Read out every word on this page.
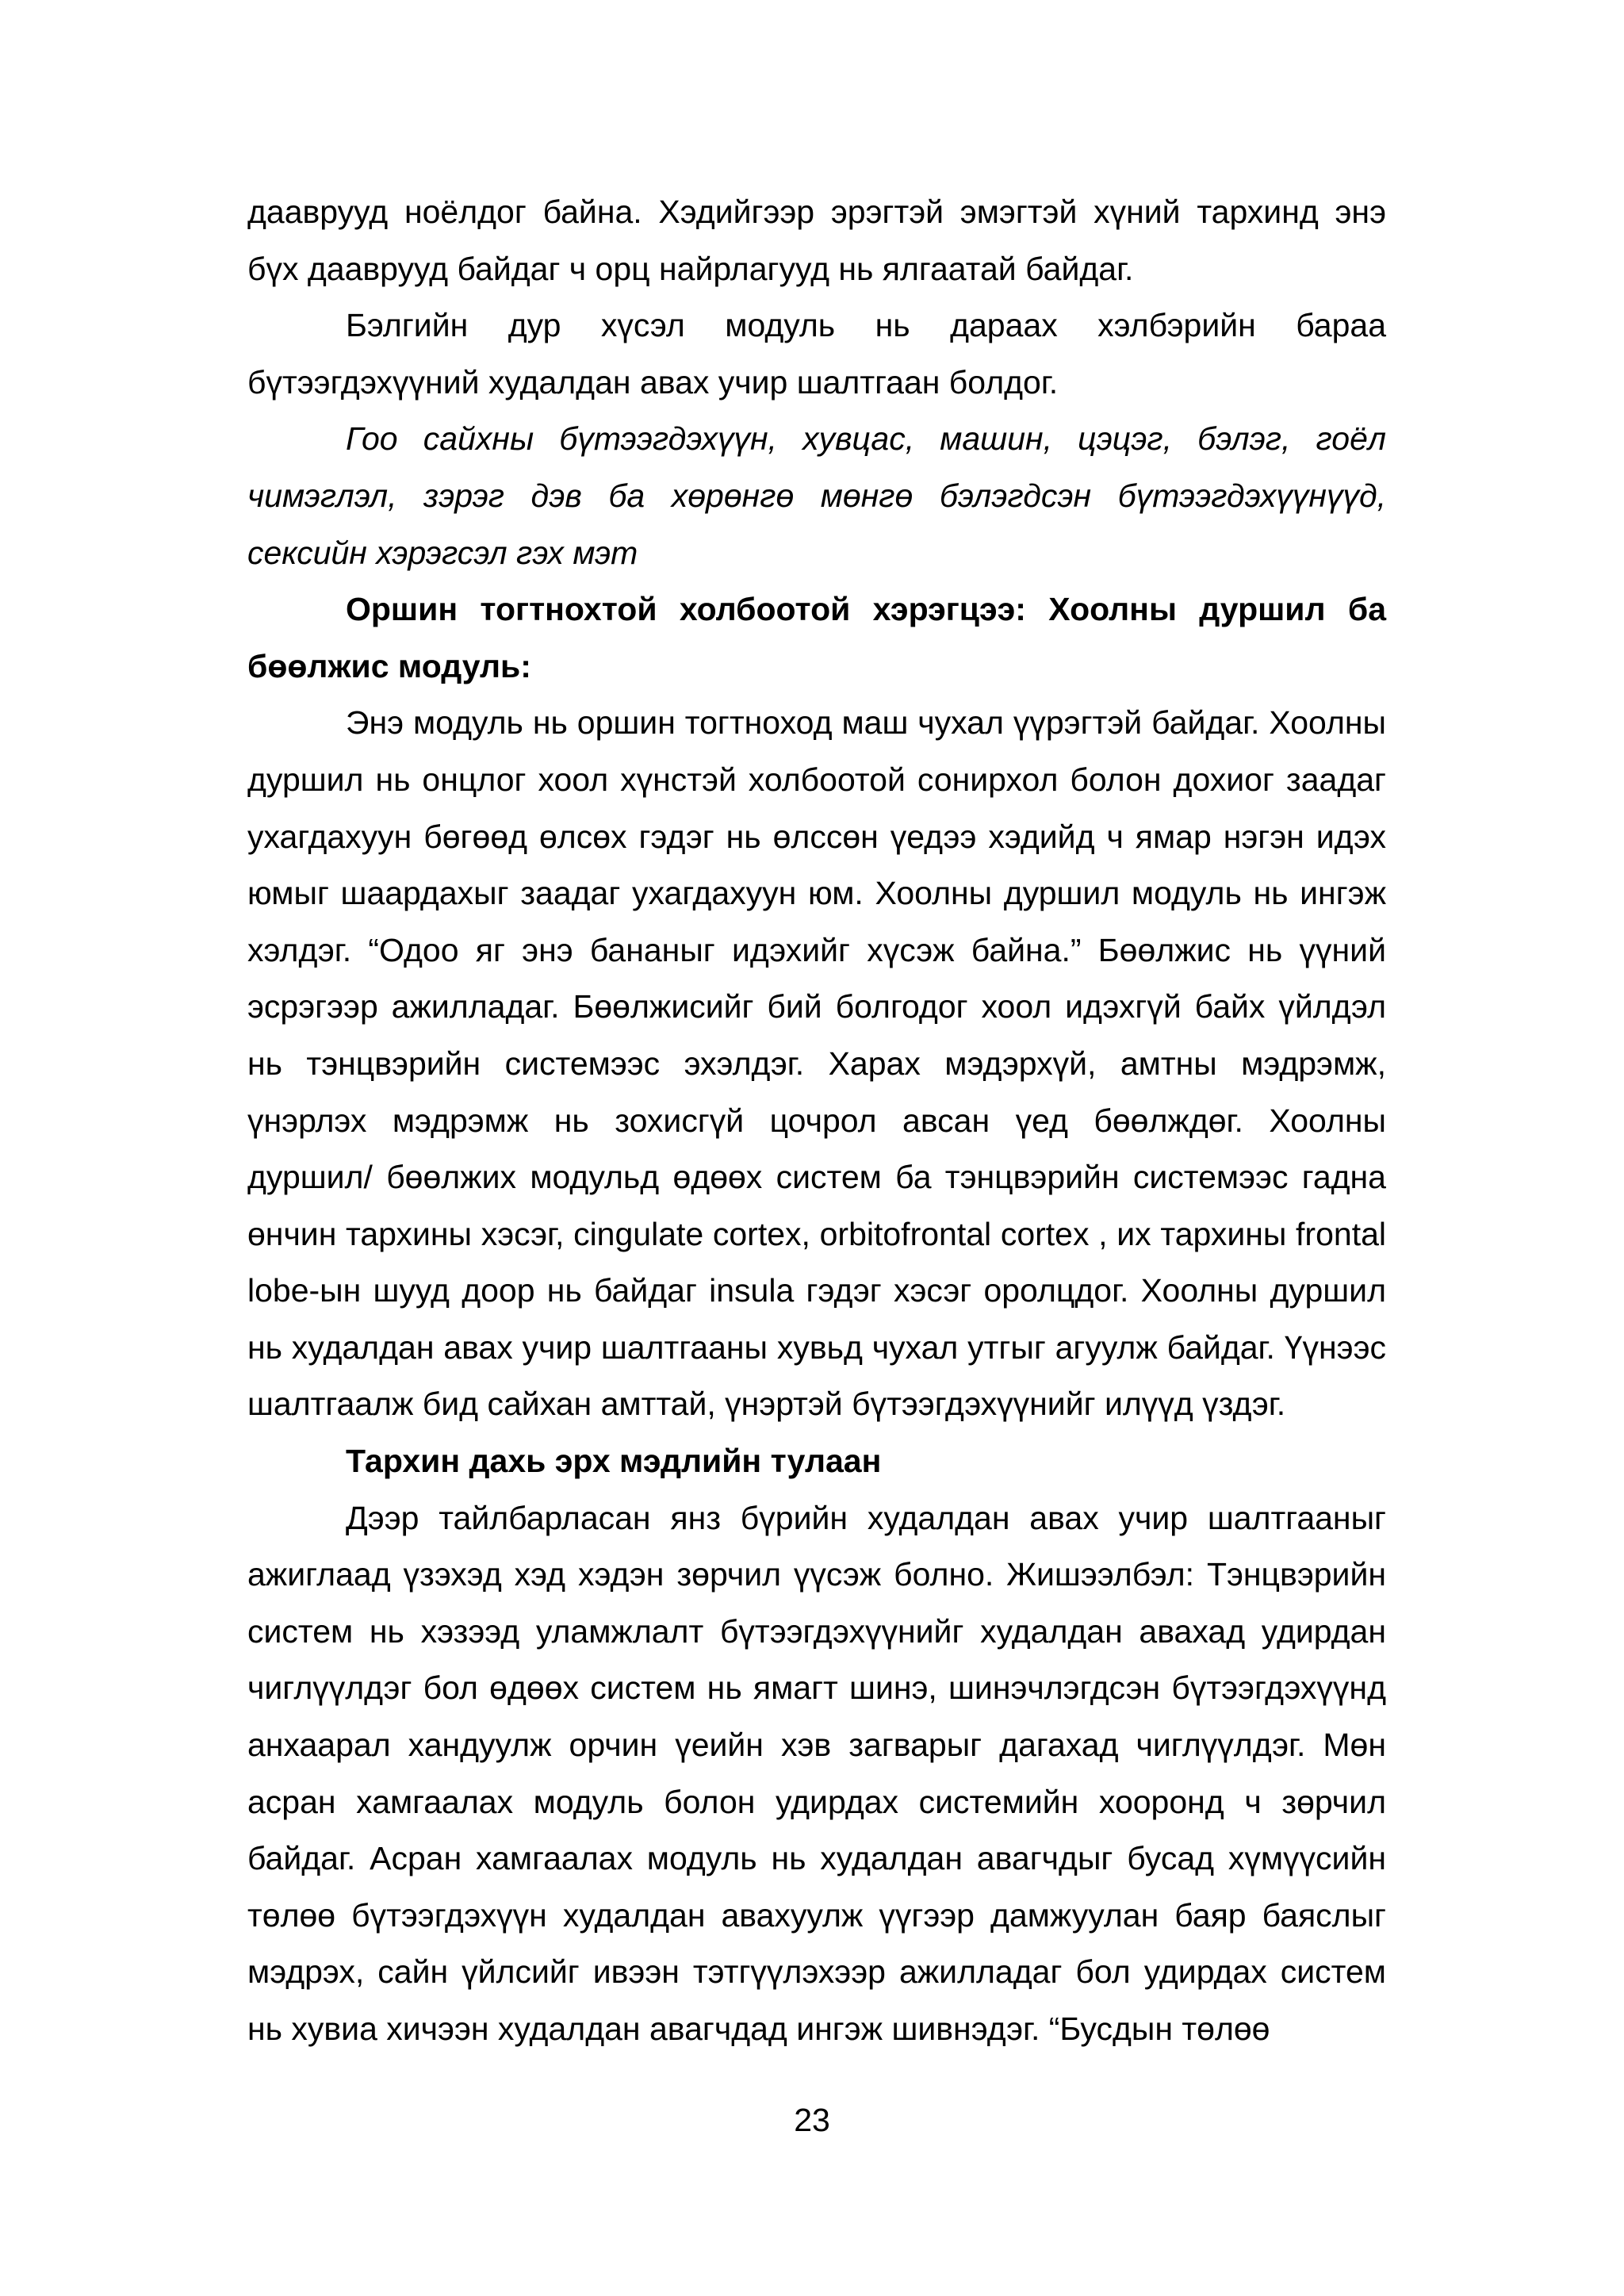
дааврууд ноёлдог байна. Хэдийгээр эрэгтэй эмэгтэй хүний тархинд энэ бүх дааврууд байдаг ч орц найрлагууд нь ялгаатай байдаг.

Бэлгийн дур хүсэл модуль нь дараах хэлбэрийн бараа бүтээгдэхүүний худалдан авах учир шалтгаан болдог.

Гоо сайхны бүтээгдэхүүн, хувцас, машин, цэцэг, бэлэг, гоёл чимэглэл, зэрэг дэв ба хөрөнгө мөнгө бэлэгдсэн бүтээгдэхүүнүүд, сексийн хэрэгсэл гэх мэт

Оршин тогтнохтой холбоотой хэрэгцээ: Хоолны дуршил ба бөөлжис модуль:

Энэ модуль нь оршин тогтноход маш чухал үүрэгтэй байдаг. Хоолны дуршил нь онцлог хоол хүнстэй холбоотой сонирхол болон дохиог заадаг ухагдахуун бөгөөд өлсөх гэдэг нь өлссөн үедээ хэдийд ч ямар нэгэн идэх юмыг шаардахыг заадаг ухагдахуун юм. Хоолны дуршил модуль нь ингэж хэлдэг. “Одоо яг энэ бананыг идэхийг хүсэж байна.” Бөөлжис нь үүний эсрэгээр ажилладаг. Бөөлжисийг бий болгодог хоол идэхгүй байх үйлдэл нь тэнцвэрийн системээс эхэлдэг. Харах мэдэрхүй, амтны мэдрэмж, үнэрлэх мэдрэмж нь зохисгүй цочрол авсан үед бөөлждөг. Хоолны дуршил/ бөөлжих модульд өдөөх систем ба тэнцвэрийн системээс гадна өнчин тархины хэсэг, cingulate cortex, orbitofrontal cortex , их тархины frontal lobe-ын шууд доор нь байдаг insula гэдэг хэсэг оролцдог. Хоолны дуршил нь худалдан авах учир шалтгааны хувьд чухал утгыг агуулж байдаг. Үүнээс шалтгаалж бид сайхан амттай, үнэртэй бүтээгдэхүүнийг илүүд үздэг.

Тархин дахь эрх мэдлийн тулаан

Дээр тайлбарласан янз бүрийн худалдан авах учир шалтгааныг ажиглаад үзэхэд хэд хэдэн зөрчил үүсэж болно. Жишээлбэл: Тэнцвэрийн систем нь хэзээд уламжлалт бүтээгдэхүүнийг худалдан авахад удирдан чиглүүлдэг бол өдөөх систем нь ямагт шинэ, шинэчлэгдсэн бүтээгдэхүүнд анхаарал хандуулж орчин үеийн хэв загварыг дагахад чиглүүлдэг. Мөн асран хамгаалах модуль болон удирдах системийн хооронд ч зөрчил байдаг. Асран хамгаалах модуль нь худалдан авагчдыг бусад хүмүүсийн төлөө бүтээгдэхүүн худалдан авахуулж үүгээр дамжуулан баяр баяслыг мэдрэх, сайн үйлсийг ивээн тэтгүүлэхээр ажилладаг бол удирдах систем нь хувиа хичээн худалдан авагчдад ингэж шивнэдэг. “Бусдын төлөө

23
